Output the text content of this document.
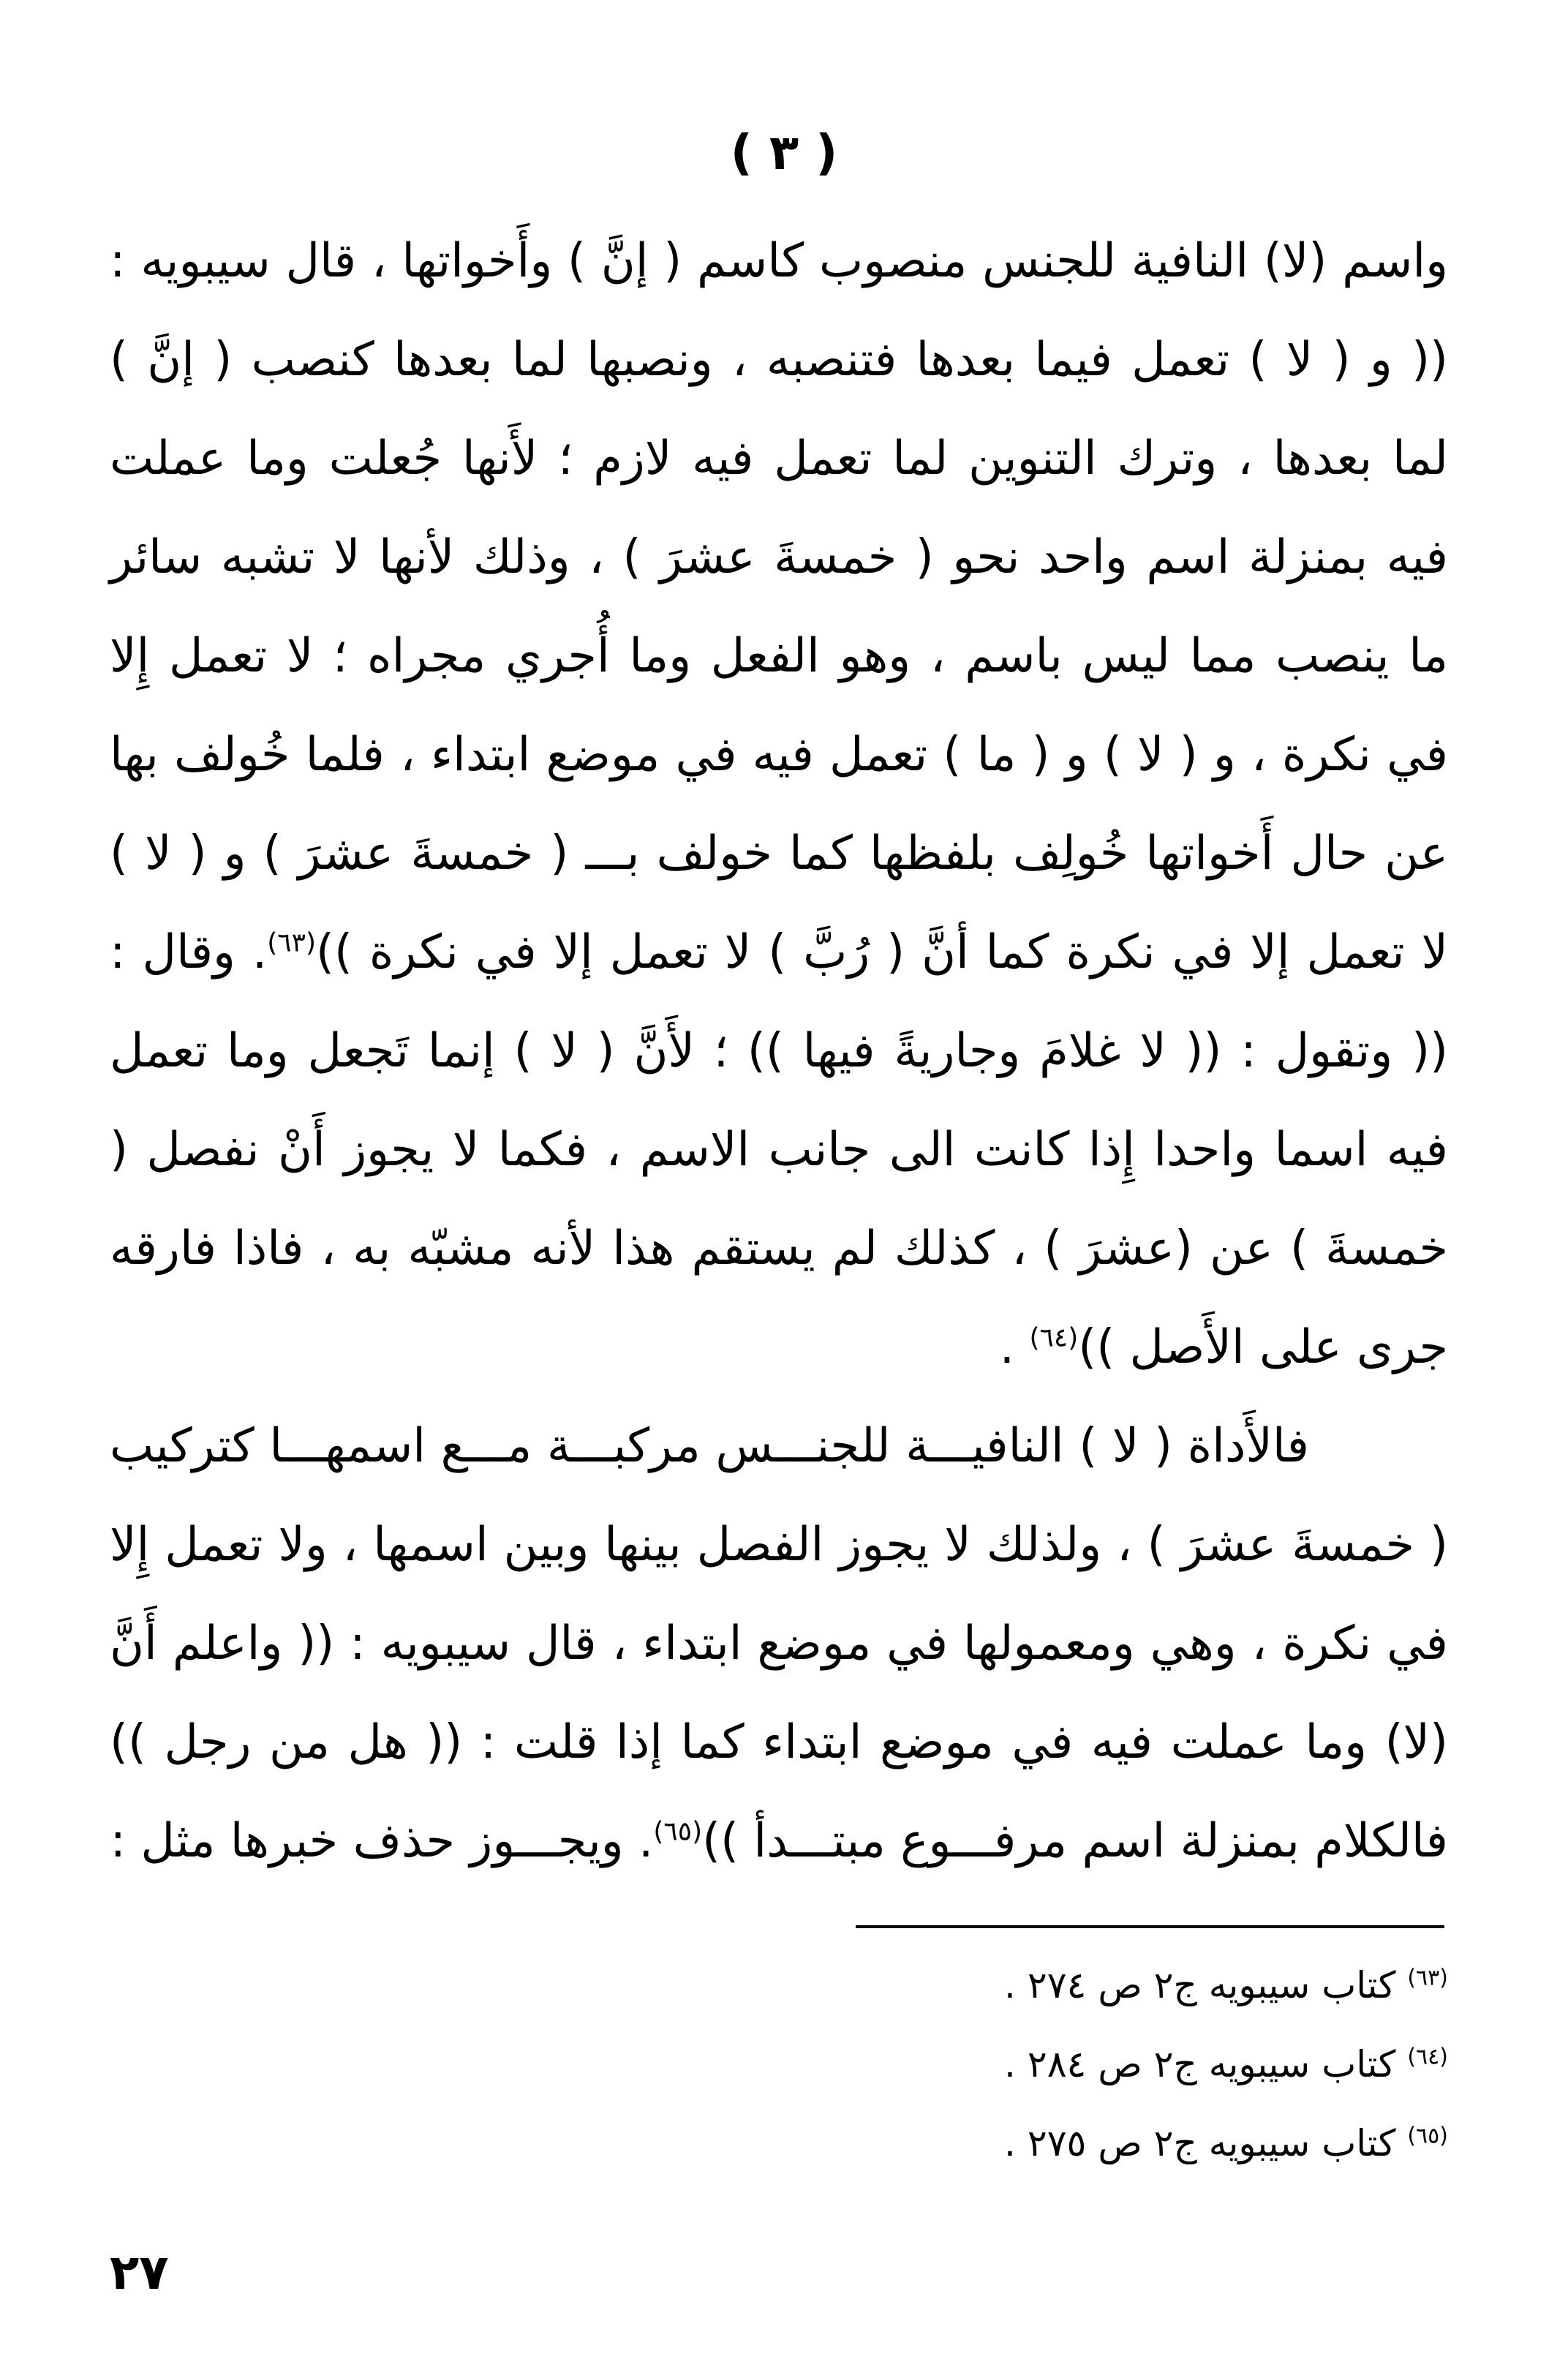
( ٣ )

واسم (لا) النافية للجنس منصوب كاسم ( إنَّ ) وأَخواتها ، قال سيبويه : (( و ( لا ) تعمل فيما بعدها فتنصبه ، ونصبها لما بعدها كنصب ( إنَّ ) لما بعدها ، وترك التنوين لما تعمل فيه لازم ؛ لأَنها جُعلت وما عملت فيه بمنزلة اسم واحد نحو ( خمسةَ عشرَ ) ، وذلك لأنها لا تشبه سائر ما ينصب مما ليس باسم ، وهو الفعل وما أُجري مجراه ؛ لا تعمل إِلا في نكرة ، و ( لا ) و ( ما ) تعمل فيه في موضع ابتداء ، فلما خُولف بها عن حال أَخواتها خُولِف بلفظها كما خولف بـــ ( خمسةَ عشرَ ) و ( لا ) لا تعمل إلا في نكرة كما أنَّ ( رُبَّ ) لا تعمل إلا في نكرة ))$^{(٦٣)}$. وقال : (( وتقول : (( لا غلامَ وجاريةً فيها )) ؛ لأَنَّ ( لا ) إنما تَجعل وما تعمل فيه اسما واحدا إِذا كانت الى جانب الاسم ، فكما لا يجوز أَنْ نفصل ( خمسةَ ) عن (عشرَ ) ، كذلك لم يستقم هذا لأنه مشبّه به ، فاذا فارقه جرى على الأَصل ))$^{(٦٤)}$ .

فالأَداة ( لا ) النافيـــة للجنـــس مركبـــة مـــع اسمهـــا كتركيب ( خمسةَ عشرَ ) ، ولذلك لا يجوز الفصل بينها وبين اسمها ، ولا تعمل إِلا في نكرة ، وهي ومعمولها في موضع ابتداء ، قال سيبويه : (( واعلم أَنَّ (لا) وما عملت فيه في موضع ابتداء كما إذا قلت : (( هل من رجل )) فالكلام بمنزلة اسم مرفـــوع مبتـــدأ ))$^{(٦٥)}$. ويجـــوز حذف خبرها مثل :

$^{(٦٣)}$ كتاب سيبويه ج٢ ص ٢٧٤ .
$^{(٦٤)}$ كتاب سيبويه ج٢ ص ٢٨٤ .
$^{(٦٥)}$ كتاب سيبويه ج٢ ص ٢٧٥ .
٢٧
